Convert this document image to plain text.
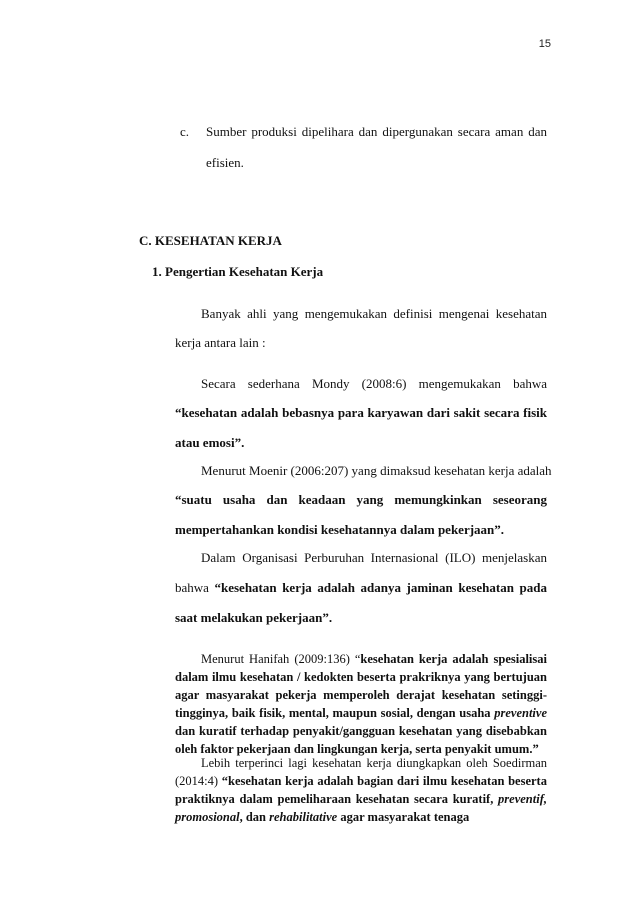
15
c. Sumber produksi dipelihara dan dipergunakan secara aman dan
efisien.
C. KESEHATAN KERJA
1. Pengertian Kesehatan Kerja
Banyak ahli yang mengemukakan definisi mengenai kesehatan
kerja antara lain :
Secara sederhana Mondy (2008:6) mengemukakan bahwa
“kesehatan adalah bebasnya para karyawan dari sakit secara fisik
atau emosi”.
Menurut Moenir (2006:207) yang dimaksud kesehatan kerja adalah
“suatu usaha dan keadaan yang memungkinkan seseorang
mempertahankan kondisi kesehatannya dalam pekerjaan”.
Dalam Organisasi Perburuhan Internasional (ILO) menjelaskan
bahwa “kesehatan kerja adalah adanya jaminan kesehatan pada
saat melakukan pekerjaan”.

Menurut Hanifah (2009:136) “kesehatan kerja adalah spesialisai dalam ilmu kesehatan / kedokten beserta prakriknya yang bertujuan agar masyarakat pekerja memperoleh derajat kesehatan setinggi-tingginya, baik fisik, mental, maupun sosial, dengan usaha preventive dan kuratif terhadap penyakit/gangguan kesehatan yang disebabkan oleh faktor pekerjaan dan lingkungan kerja, serta penyakit umum.”

Lebih terperinci lagi kesehatan kerja diungkapkan oleh Soedirman (2014:4) “kesehatan kerja adalah bagian dari ilmu kesehatan beserta praktiknya dalam pemeliharaan kesehatan secara kuratif, preventif, promosional, dan rehabilitative agar masyarakat tenaga
